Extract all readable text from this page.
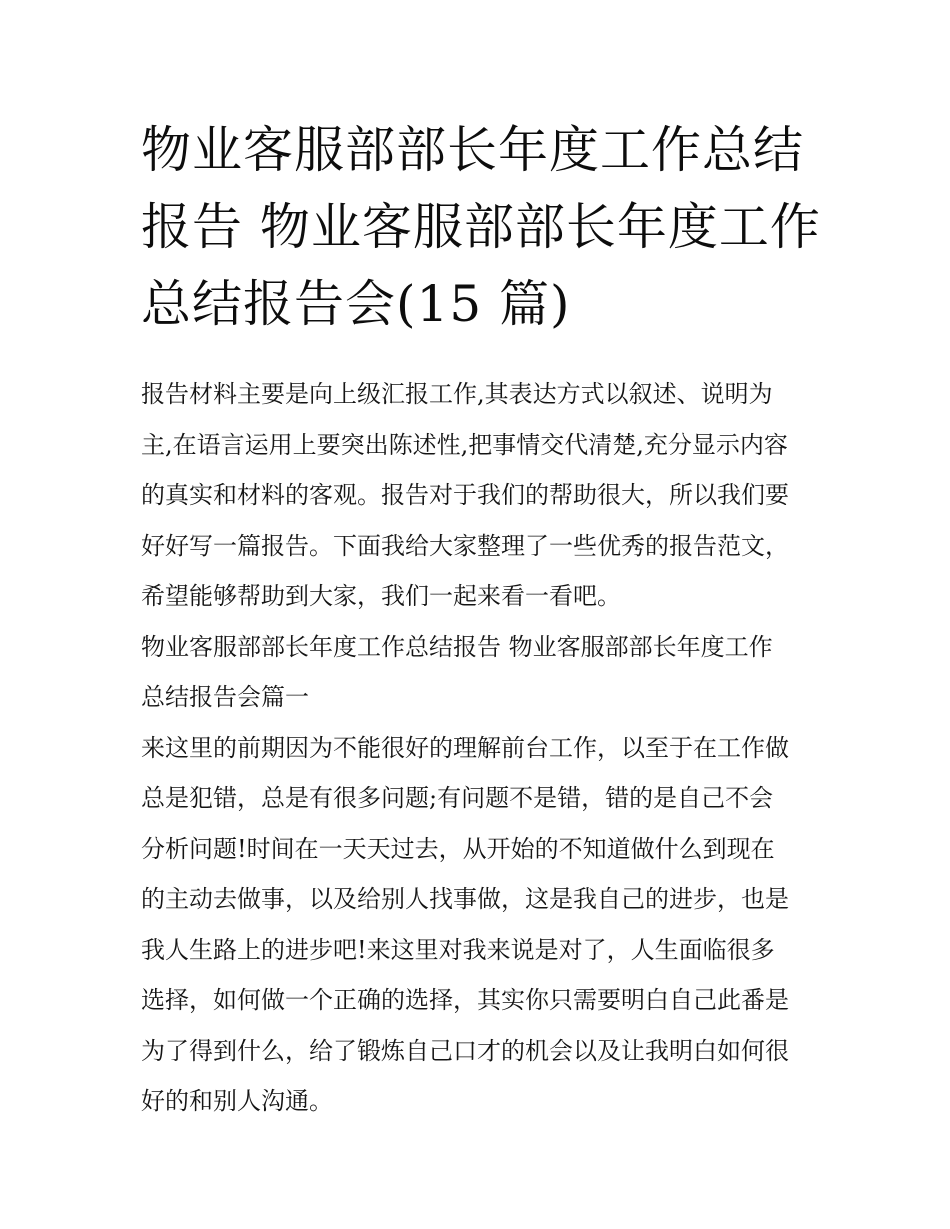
物业客服部部长年度工作总结
报告 物业客服部部长年度工作
总结报告会(15 篇)
报告材料主要是向上级汇报工作,其表达方式以叙述、说明为
主,在语言运用上要突出陈述性,把事情交代清楚,充分显示内容
的真实和材料的客观。报告对于我们的帮助很大，所以我们要
好好写一篇报告。下面我给大家整理了一些优秀的报告范文，
希望能够帮助到大家，我们一起来看一看吧。
物业客服部部长年度工作总结报告 物业客服部部长年度工作
总结报告会篇一
来这里的前期因为不能很好的理解前台工作，以至于在工作做
总是犯错，总是有很多问题;有问题不是错，错的是自己不会
分析问题!时间在一天天过去，从开始的不知道做什么到现在
的主动去做事，以及给别人找事做，这是我自己的进步，也是
我人生路上的进步吧!来这里对我来说是对了，人生面临很多
选择，如何做一个正确的选择，其实你只需要明白自己此番是
为了得到什么，给了锻炼自己口才的机会以及让我明白如何很
好的和别人沟通。
